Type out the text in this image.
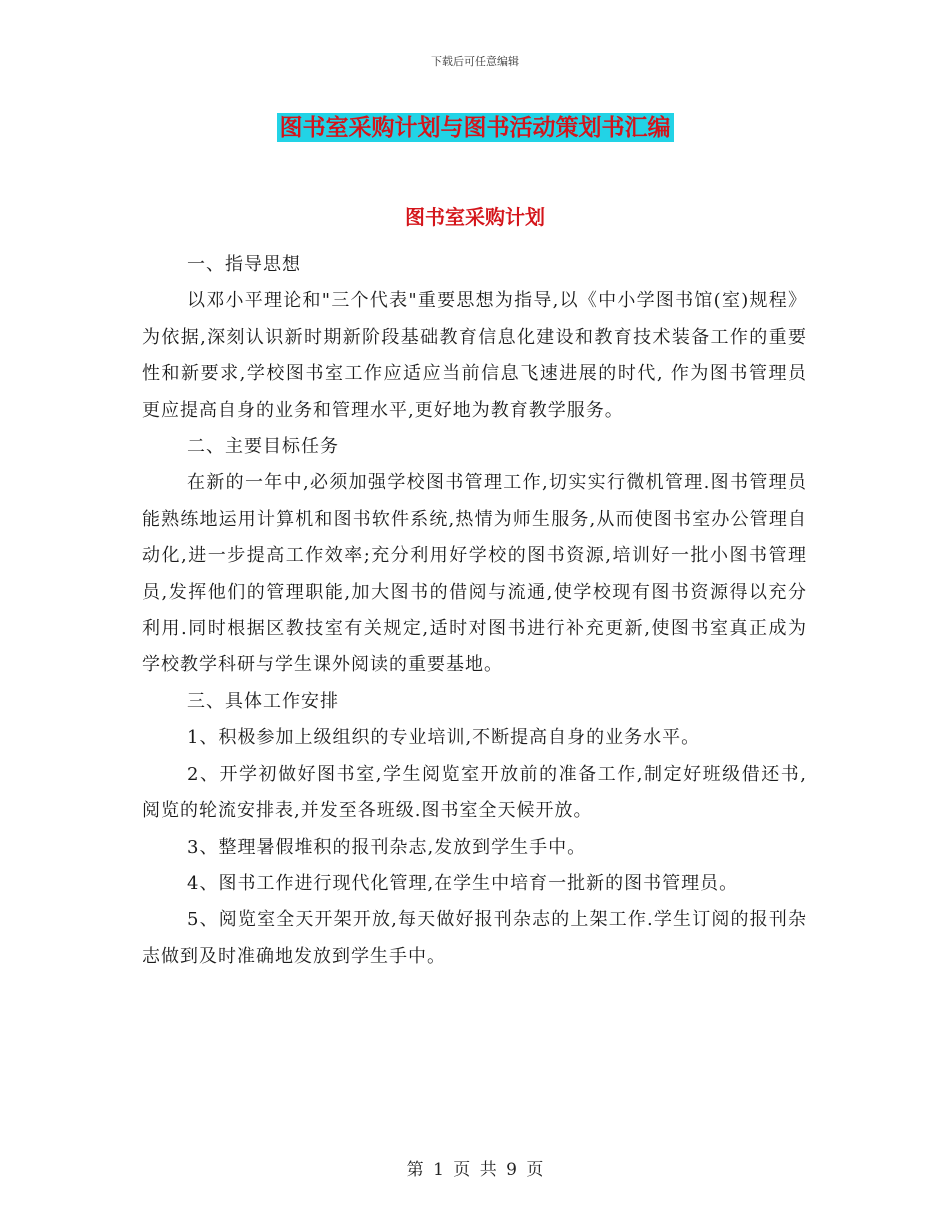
下载后可任意编辑
图书室采购计划与图书活动策划书汇编
图书室采购计划

一、指导思想

以邓小平理论和"三个代表"重要思想为指导,以《中小学图书馆(室)规程》为依据,深刻认识新时期新阶段基础教育信息化建设和教育技术装备工作的重要性和新要求,学校图书室工作应适应当前信息飞速进展的时代, 作为图书管理员更应提高自身的业务和管理水平,更好地为教育教学服务。

二、主要目标任务

在新的一年中,必须加强学校图书管理工作,切实实行微机管理.图书管理员能熟练地运用计算机和图书软件系统,热情为师生服务,从而使图书室办公管理自动化,进一步提高工作效率;充分利用好学校的图书资源,培训好一批小图书管理员,发挥他们的管理职能,加大图书的借阅与流通,使学校现有图书资源得以充分利用.同时根据区教技室有关规定,适时对图书进行补充更新,使图书室真正成为学校教学科研与学生课外阅读的重要基地。

三、具体工作安排

1、积极参加上级组织的专业培训,不断提高自身的业务水平。

2、开学初做好图书室,学生阅览室开放前的准备工作,制定好班级借还书,阅览的轮流安排表,并发至各班级.图书室全天候开放。

3、整理暑假堆积的报刊杂志,发放到学生手中。

4、图书工作进行现代化管理,在学生中培育一批新的图书管理员。

5、阅览室全天开架开放,每天做好报刊杂志的上架工作.学生订阅的报刊杂志做到及时准确地发放到学生手中。

第 1 页 共 9 页
